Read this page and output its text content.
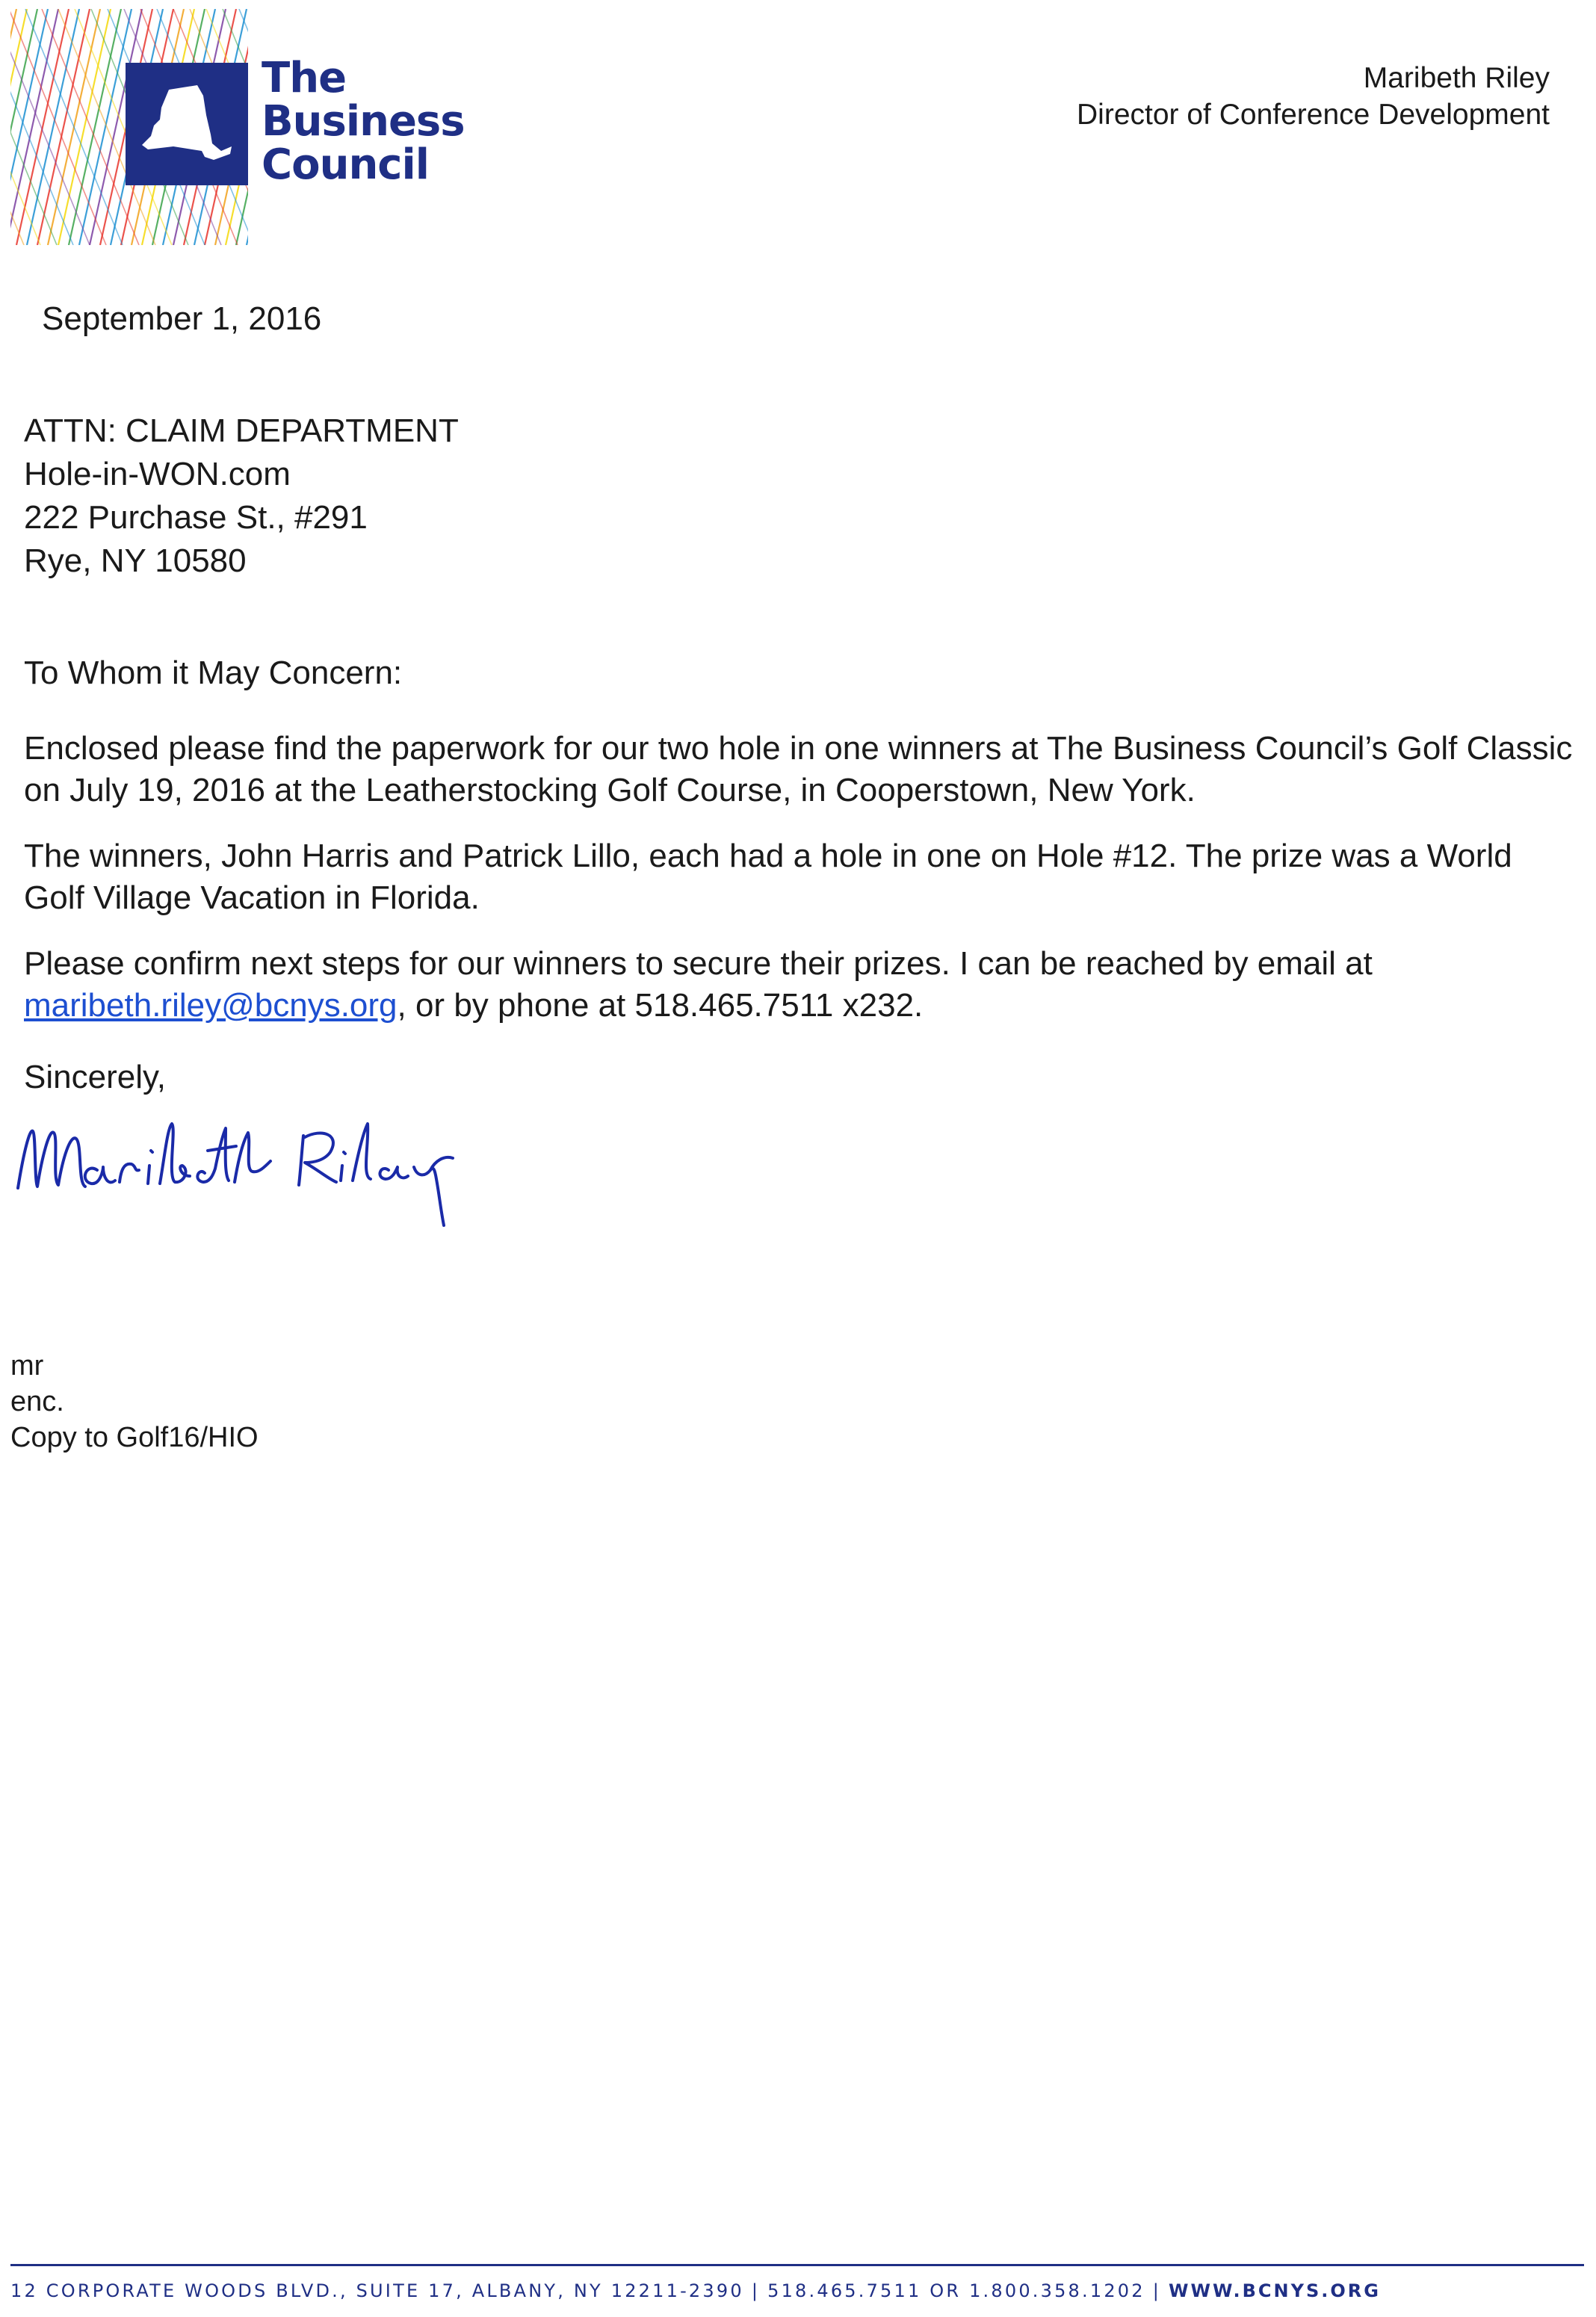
The
Business
Council
Maribeth Riley
Director of Conference Development
September 1, 2016
ATTN: CLAIM DEPARTMENT
Hole-in-WON.com
222 Purchase St., #291
Rye, NY 10580
To Whom it May Concern:
Enclosed please find the paperwork for our two hole in one winners at The Business Council’s Golf Classic on July 19, 2016 at the Leatherstocking Golf Course, in Cooperstown, New York.
The winners, John Harris and Patrick Lillo, each had a hole in one on Hole #12. The prize was a World Golf Village Vacation in Florida.
Please confirm next steps for our winners to secure their prizes. I can be reached by email at maribeth.riley@bcnys.org, or by phone at 518.465.7511 x232.
Sincerely,
mr
enc.
Copy to Golf16/HIO
12 CORPORATE WOODS BLVD., SUITE 17, ALBANY, NY 12211-2390 | 518.465.7511 OR 1.800.358.1202 | WWW.BCNYS.ORG
